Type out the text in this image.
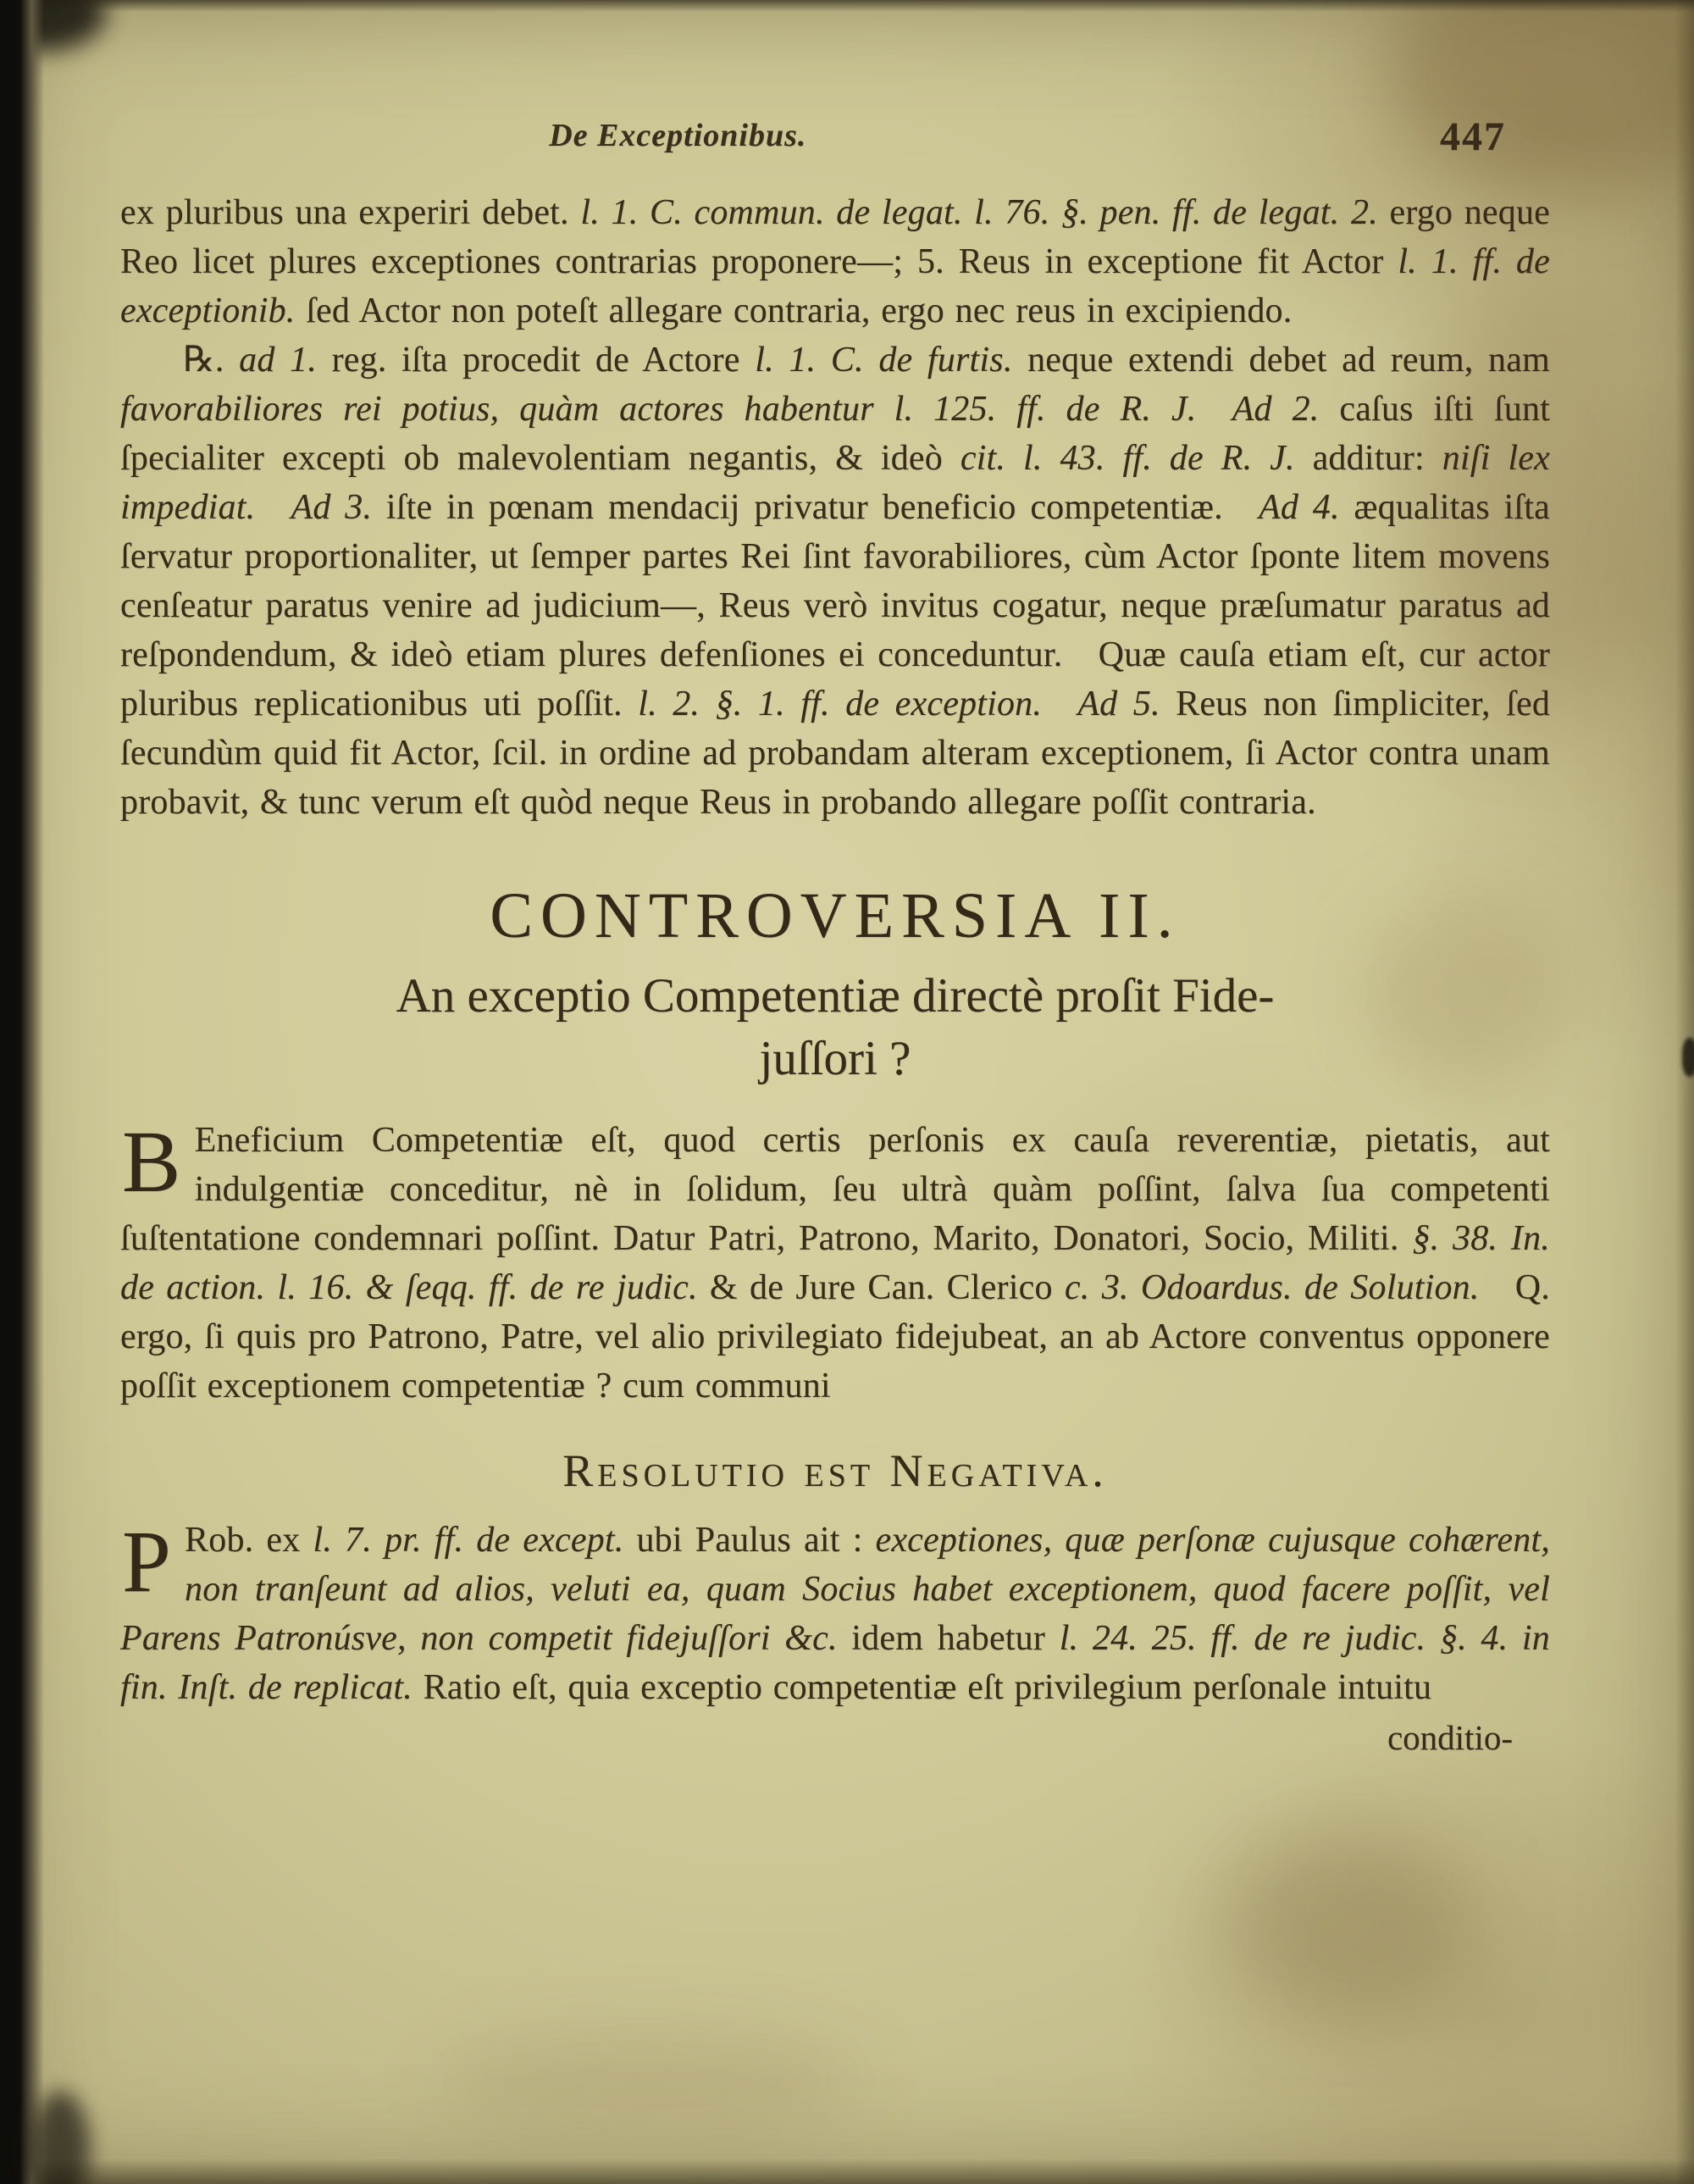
De Exceptionibus.	447

ex pluribus una experiri debet. l. 1. C. commun. de legat. l. 76. §. pen. ff. de legat. 2. ergo neque Reo licet plures exceptiones contrarias proponere—; 5. Reus in exceptione fit Actor l. 1. ff. de exceptionib. ſed Actor non poteſt allegare contraria, ergo nec reus in excipiendo.

℞. ad 1. reg. iſta procedit de Actore l. 1. C. de furtis. neque extendi debet ad reum, nam favorabiliores rei potius, quàm actores habentur l. 125. ff. de R. J.  Ad 2. caſus iſti ſunt ſpecialiter excepti ob malevolentiam negantis, & ideò cit. l. 43. ff. de R. J. additur: niſi lex impediat.  Ad 3. iſte in pœnam mendacij privatur beneficio competentiæ. Ad 4. æqualitas iſta ſervatur proportionaliter, ut ſemper partes Rei ſint favorabiliores, cùm Actor ſponte litem movens cenſeatur paratus venire ad judicium—, Reus verò invitus cogatur, neque præſumatur paratus ad reſpondendum, & ideò etiam plures defenſiones ei conceduntur. Quæ cauſa etiam eſt, cur actor pluribus replicationibus uti poſſit. l. 2. §. 1. ff. de exception.  Ad 5. Reus non ſimpliciter, ſed ſecundùm quid fit Actor, ſcil. in ordine ad probandam alteram exceptionem, ſi Actor contra unam probavit, & tunc verum eſt quòd neque Reus in probando allegare poſſit contraria.

CONTROVERSIA II.
An exceptio Competentiæ directè proſit Fide-
juſſori ?

B Eneficium Competentiæ eſt, quod certis perſonis ex cauſa reverentiæ, pietatis, aut indulgentiæ conceditur, nè in ſolidum, ſeu ultrà quàm poſſint, ſalva ſua competenti ſuſtentatione condemnari poſſint. Datur Patri, Patrono, Marito, Donatori, Socio, Militi. §. 38. In. de action. l. 16. & ſeqq. ff. de re judic. & de Jure Can. Clerico c. 3. Odoardus. de Solution. Q. ergo, ſi quis pro Patrono, Patre, vel alio privilegiato fidejubeat, an ab Actore conventus opponere poſſit exceptionem competentiæ ? cum communi

Resolutio est Negativa.

P Rob. ex l. 7. pr. ff. de except. ubi Paulus ait : exceptiones, quæ perſonæ cujusque cohærent, non tranſeunt ad alios, veluti ea, quam Socius habet exceptionem, quod facere poſſit, vel Parens Patronúsve, non competit fidejuſſori &c. idem habetur l. 24. 25. ff. de re judic. §. 4. in fin. Inſt. de replicat. Ratio eſt, quia exceptio competentiæ eſt privilegium perſonale intuitu

conditio-
